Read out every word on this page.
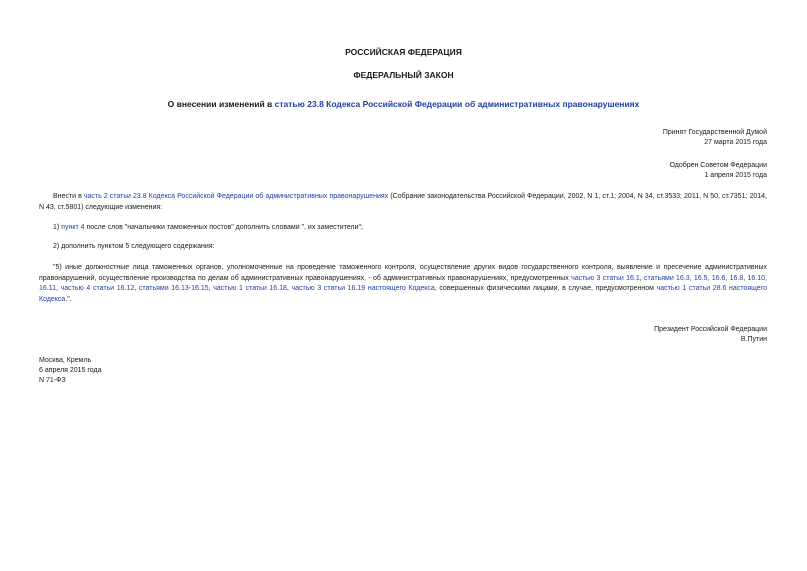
РОССИЙСКАЯ ФЕДЕРАЦИЯ
ФЕДЕРАЛЬНЫЙ ЗАКОН
О внесении изменений в статью 23.8 Кодекса Российской Федерации об административных правонарушениях
Принят Государственной Думой
27 марта 2015 года
Одобрен Советом Федерации
1 апреля 2015 года
Внести в часть 2 статьи 23.8 Кодекса Российской Федерации об административных правонарушениях (Собрание законодательства Российской Федерации, 2002, N 1, ст.1; 2004, N 34, ст.3533; 2011, N 50, ст.7351; 2014, N 43, ст.5801) следующие изменения:
1) пункт 4 после слов "начальники таможенных постов" дополнить словами ", их заместители";
2) дополнить пунктом 5 следующего содержания:
"5) иные должностные лица таможенных органов, уполномоченные на проведение таможенного контроля, осуществление других видов государственного контроля, выявление и пресечение административных правонарушений, осуществление производства по делам об административных правонарушениях, - об административных правонарушениях, предусмотренных частью 3 статьи 16.1, статьями 16.3, 16.5, 16.6, 16.8, 16.10, 16.11, частью 4 статьи 16.12, статьями 16.13-16.15, частью 1 статьи 16.18, частью 3 статьи 16.19 настоящего Кодекса, совершенных физическими лицами, в случае, предусмотренном частью 1 статьи 28.6 настоящего Кодекса.".
Президент Российской Федерации
В.Путин
Москва, Кремль
6 апреля 2015 года
N 71-ФЗ
